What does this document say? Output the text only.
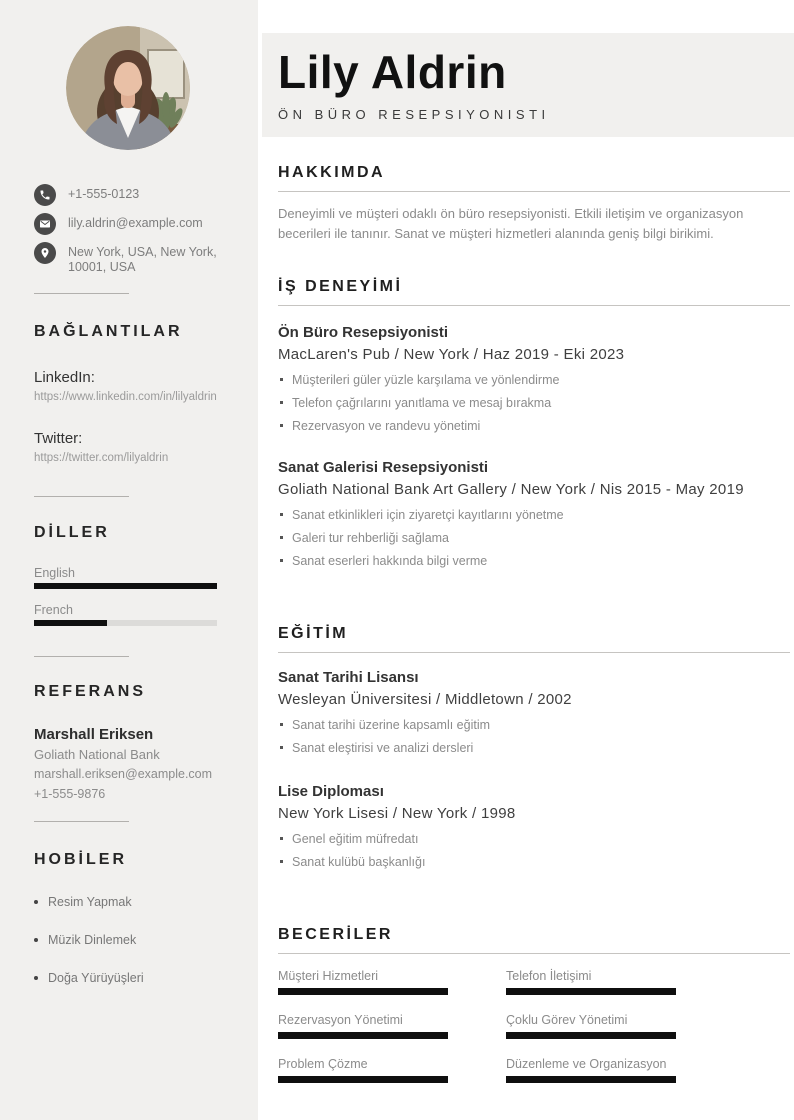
+1-555-0123
lily.aldrin@example.com
New York, USA, New York, 10001, USA
BAĞLANTILAR
LinkedIn:
https://www.linkedin.com/in/lilyaldrin
Twitter:
https://twitter.com/lilyaldrin
DİLLER
English
French
REFERANS
Marshall Eriksen
Goliath National Bank
marshall.eriksen@example.com
+1-555-9876
HOBİLER
Resim Yapmak
Müzik Dinlemek
Doğa Yürüyüşleri
Lily Aldrin
ÖN BÜRO RESEPSIYONISTI
HAKKIMDA

Deneyimli ve müşteri odaklı ön büro resepsiyonisti. Etkili iletişim ve organizasyon becerileri ile tanınır. Sanat ve müşteri hizmetleri alanında geniş bilgi birikimi.

İŞ DENEYİMİ
Ön Büro Resepsiyonisti
MacLaren's Pub / New York / Haz 2019 - Eki 2023
Müşterileri güler yüzle karşılama ve yönlendirme
Telefon çağrılarını yanıtlama ve mesaj bırakma
Rezervasyon ve randevu yönetimi
Sanat Galerisi Resepsiyonisti
Goliath National Bank Art Gallery / New York / Nis 2015 - May 2019
Sanat etkinlikleri için ziyaretçi kayıtlarını yönetme
Galeri tur rehberliği sağlama
Sanat eserleri hakkında bilgi verme
EĞİTİM
Sanat Tarihi Lisansı
Wesleyan Üniversitesi / Middletown / 2002
Sanat tarihi üzerine kapsamlı eğitim
Sanat eleştirisi ve analizi dersleri
Lise Diploması
New York Lisesi / New York / 1998
Genel eğitim müfredatı
Sanat kulübü başkanlığı
BECERİLER
Müşteri Hizmetleri	Telefon İletişimi
Rezervasyon Yönetimi	Çoklu Görev Yönetimi
Problem Çözme	Düzenleme ve Organizasyon
